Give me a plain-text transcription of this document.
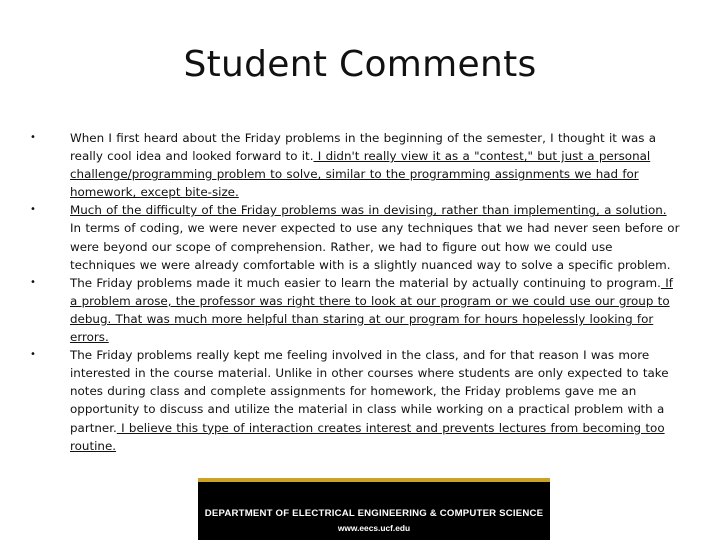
Student Comments
•	When I first heard about the Friday problems in the beginning of the semester, I thought it was a really cool idea and looked forward to it. I didn't really view it as a "contest," but just a personal challenge/programming problem to solve, similar to the programming assignments we had for homework, except bite-size.
•	Much of the difficulty of the Friday problems was in devising, rather than implementing, a solution. In terms of coding, we were never expected to use any techniques that we had never seen before or were beyond our scope of comprehension. Rather, we had to figure out how we could use techniques we were already comfortable with is a slightly nuanced way to solve a specific problem.
•	The Friday problems made it much easier to learn the material by actually continuing to program. If a problem arose, the professor was right there to look at our program or we could use our group to debug. That was much more helpful than staring at our program for hours hopelessly looking for errors.
•	The Friday problems really kept me feeling involved in the class, and for that reason I was more interested in the course material. Unlike in other courses where students are only expected to take notes during class and complete assignments for homework, the Friday problems gave me an opportunity to discuss and utilize the material in class while working on a practical problem with a partner. I believe this type of interaction creates interest and prevents lectures from becoming too routine.
DEPARTMENT OF ELECTRICAL ENGINEERING & COMPUTER SCIENCE
www.eecs.ucf.edu
